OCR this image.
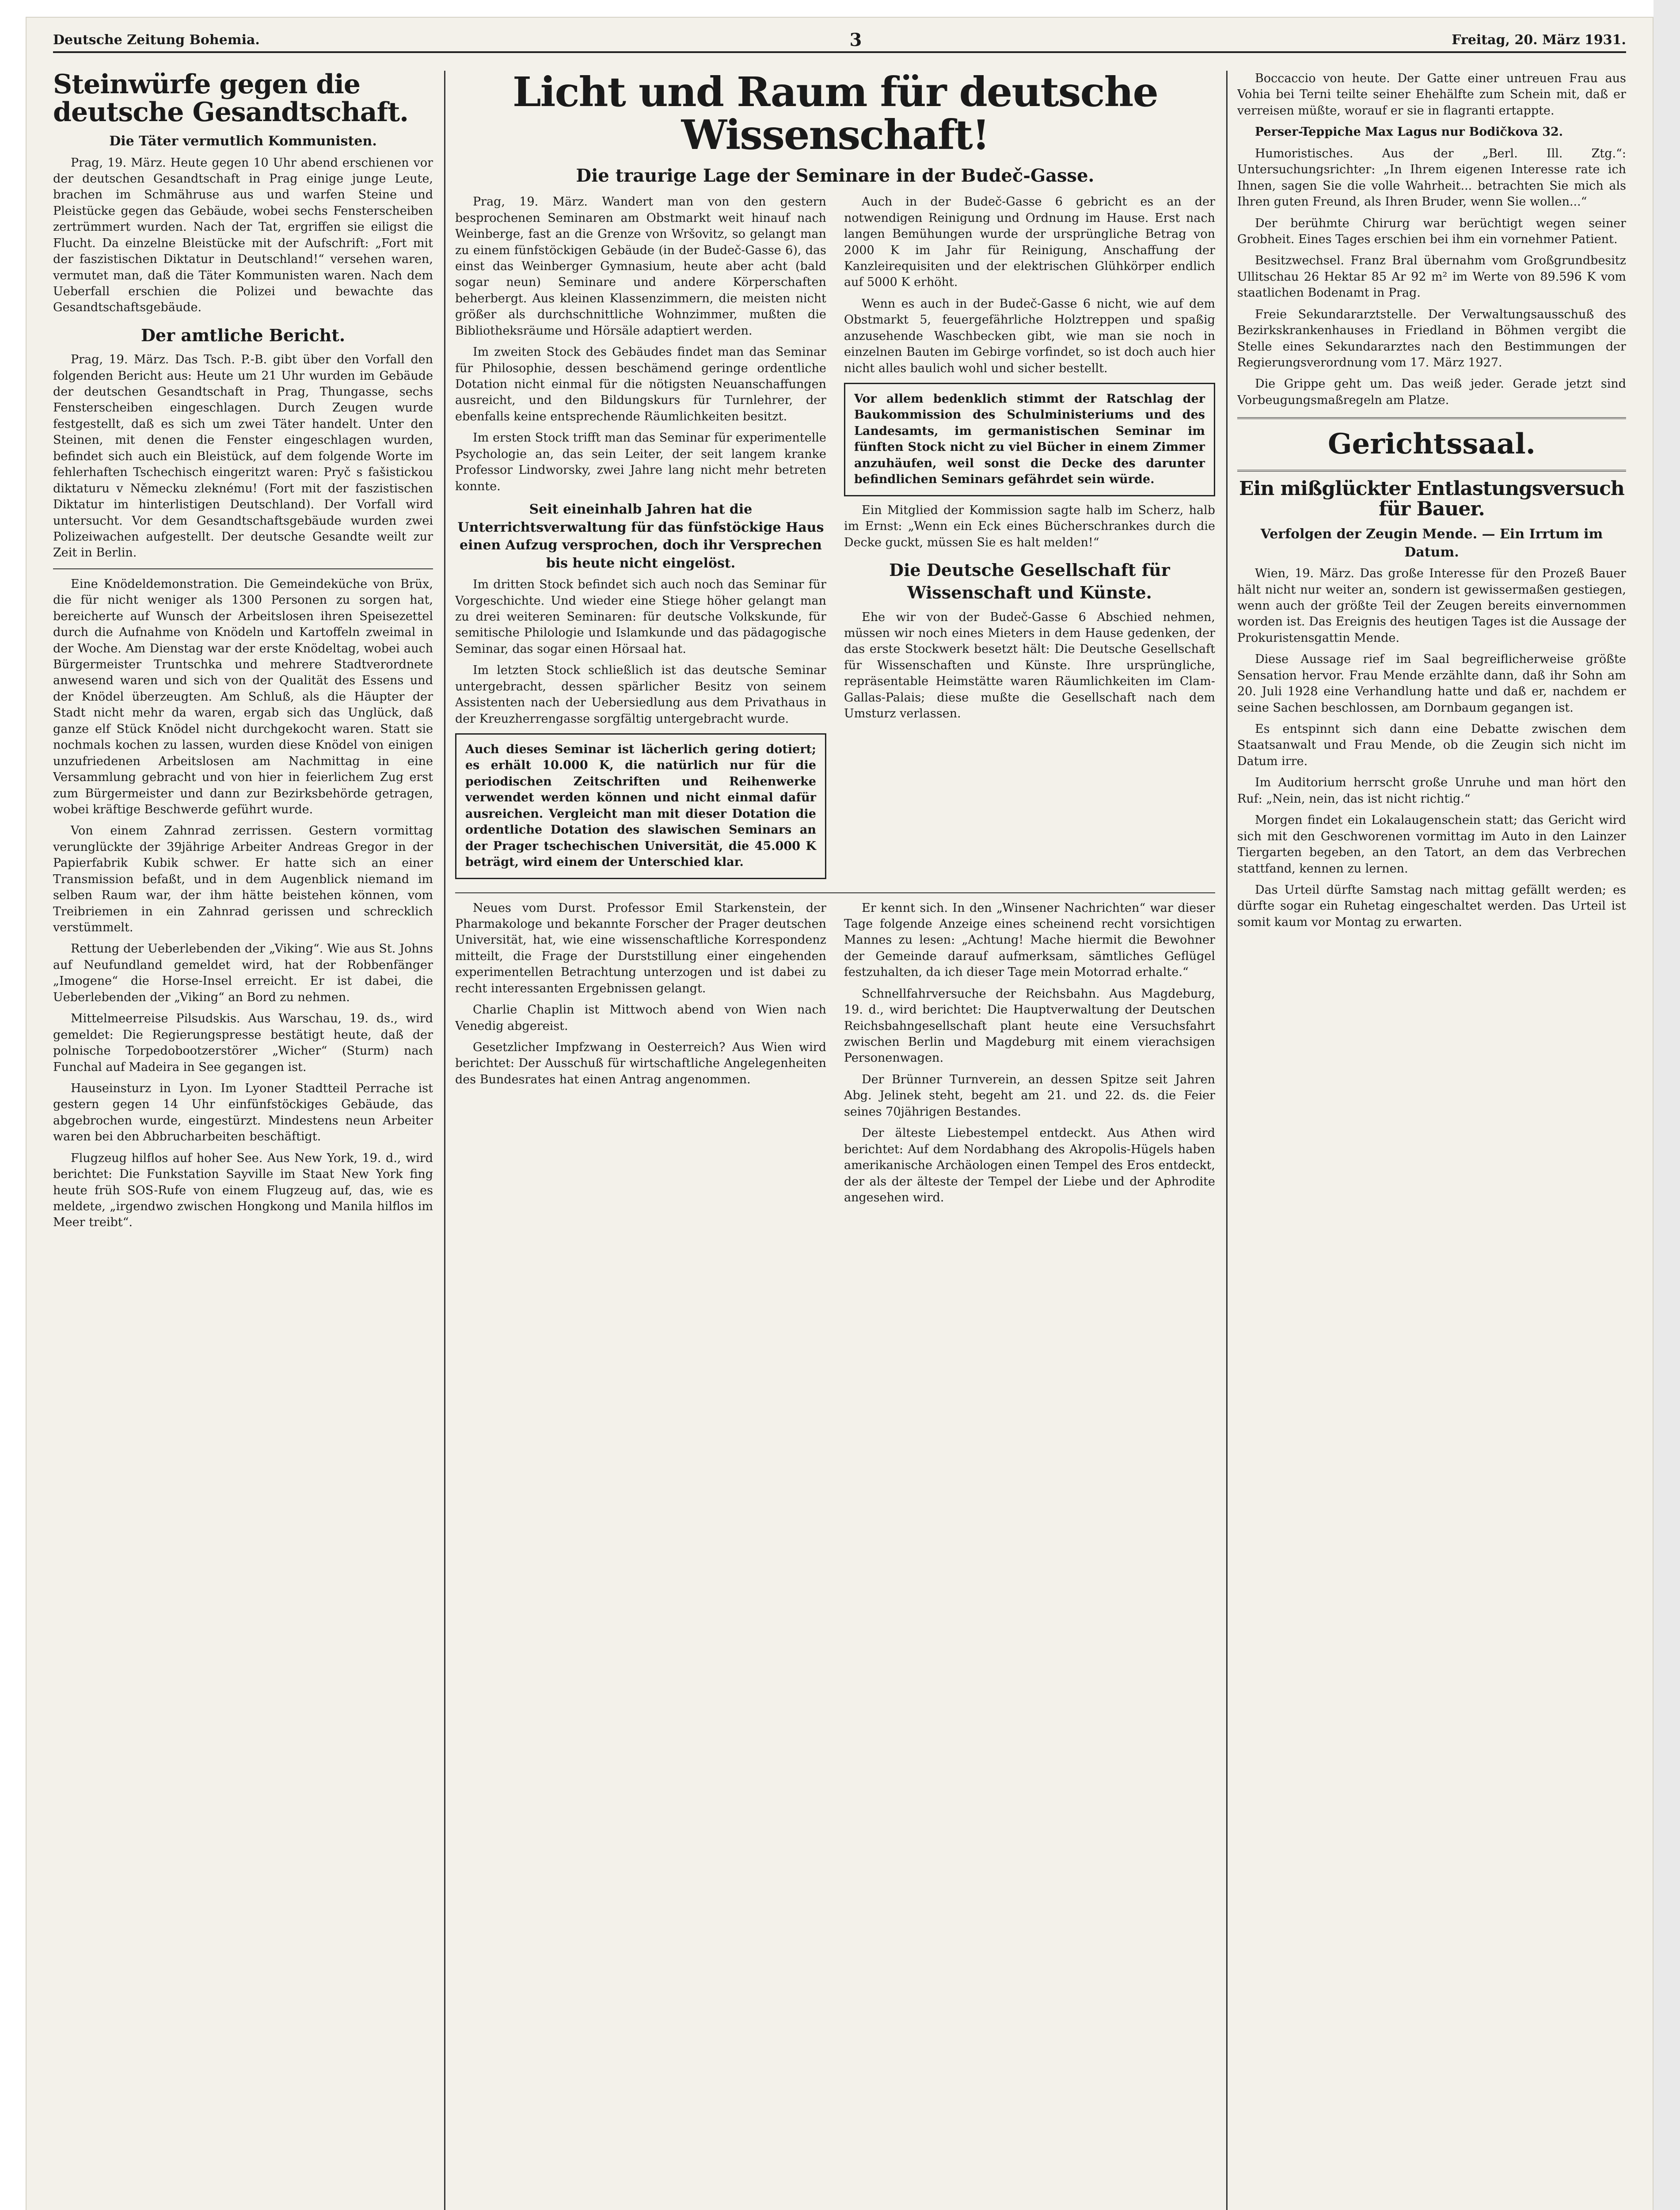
Deutsche Zeitung Bohemia.	3	Freitag, 20. März 1931.
Steinwürfe gegen die deutsche Gesandtschaft.
Die Täter vermutlich Kommunisten.

Prag, 19. März. Heute gegen 10 Uhr abend erschienen vor der deutschen Gesandtschaft in Prag einige junge Leute, brachen im Schmähruse aus und warfen Steine und Pleistücke gegen das Gebäude, wobei sechs Fensterscheiben zertrümmert wurden. Nach der Tat, ergriffen sie eiligst die Flucht. Da einzelne Bleistücke mit der Aufschrift: „Fort mit der faszistischen Diktatur in Deutschland!“ versehen waren, vermutet man, daß die Täter Kommunisten waren. Nach dem Ueberfall erschien die Polizei und bewachte das Gesandtschaftsgebäude.

Der amtliche Bericht.

Prag, 19. März. Das Tsch. P.-B. gibt über den Vorfall den folgenden Bericht aus: Heute um 21 Uhr wurden im Gebäude der deutschen Gesandtschaft in Prag, Thungasse, sechs Fensterscheiben eingeschlagen. Durch Zeugen wurde festgestellt, daß es sich um zwei Täter handelt. Unter den Steinen, mit denen die Fenster eingeschlagen wurden, befindet sich auch ein Bleistück, auf dem folgende Worte im fehlerhaften Tschechisch eingeritzt waren: Pryč s fašistickou diktaturu v Německu zleknému! (Fort mit der faszistischen Diktatur im hinterlistigen Deutschland). Der Vorfall wird untersucht. Vor dem Gesandtschaftsgebäude wurden zwei Polizeiwachen aufgestellt. Der deutsche Gesandte weilt zur Zeit in Berlin.

Eine Knödeldemonstration. Die Gemeindeküche von Brüx, die für nicht weniger als 1300 Personen zu sorgen hat, bereicherte auf Wunsch der Arbeitslosen ihren Speisezettel durch die Aufnahme von Knödeln und Kartoffeln zweimal in der Woche. Am Dienstag war der erste Knödeltag, wobei auch Bürgermeister Truntschka und mehrere Stadtverordnete anwesend waren und sich von der Qualität des Essens und der Knödel überzeugten. Am Schluß, als die Häupter der Stadt nicht mehr da waren, ergab sich das Unglück, daß ganze elf Stück Knödel nicht durchgekocht waren. Statt sie nochmals kochen zu lassen, wurden diese Knödel von einigen unzufriedenen Arbeitslosen am Nachmittag in eine Versammlung gebracht und von hier in feierlichem Zug erst zum Bürgermeister und dann zur Bezirksbehörde getragen, wobei kräftige Beschwerde geführt wurde.

Von einem Zahnrad zerrissen. Gestern vormittag verunglückte der 39jährige Arbeiter Andreas Gregor in der Papierfabrik Kubik schwer. Er hatte sich an einer Transmission befaßt, und in dem Augenblick niemand im selben Raum war, der ihm hätte beistehen können, vom Treibriemen in ein Zahnrad gerissen und schrecklich verstümmelt.

Rettung der Ueberlebenden der „Viking“. Wie aus St. Johns auf Neufundland gemeldet wird, hat der Robbenfänger „Imogene“ die Horse-Insel erreicht. Er ist dabei, die Ueberlebenden der „Viking“ an Bord zu nehmen.

Mittelmeerreise Pilsudskis. Aus Warschau, 19. ds., wird gemeldet: Die Regierungspresse bestätigt heute, daß der polnische Torpedobootzerstörer „Wicher“ (Sturm) nach Funchal auf Madeira in See gegangen ist.

Hauseinsturz in Lyon. Im Lyoner Stadtteil Perrache ist gestern gegen 14 Uhr einfünfstöckiges Gebäude, das abgebrochen wurde, eingestürzt. Mindestens neun Arbeiter waren bei den Abbrucharbeiten beschäftigt.

Flugzeug hilflos auf hoher See. Aus New York, 19. d., wird berichtet: Die Funkstation Sayville im Staat New York fing heute früh SOS-Rufe von einem Flugzeug auf, das, wie es meldete, „irgendwo zwischen Hongkong und Manila hilflos im Meer treibt“.

Licht und Raum für deutsche Wissenschaft!
Die traurige Lage der Seminare in der Budeč-Gasse.

Prag, 19. März. Wandert man von den gestern besprochenen Seminaren am Obstmarkt weit hinauf nach Weinberge, fast an die Grenze von Wršovitz, so gelangt man zu einem fünfstöckigen Gebäude (in der Budeč-Gasse 6), das einst das Weinberger Gymnasium, heute aber acht (bald sogar neun) Seminare und andere Körperschaften beherbergt. Aus kleinen Klassenzimmern, die meisten nicht größer als durchschnittliche Wohnzimmer, mußten die Bibliotheksräume und Hörsäle adaptiert werden.

Im zweiten Stock des Gebäudes findet man das Seminar für Philosophie, dessen beschämend geringe ordentliche Dotation nicht einmal für die nötigsten Neuanschaffungen ausreicht, und den Bildungskurs für Turnlehrer, der ebenfalls keine entsprechende Räumlichkeiten besitzt.

Im ersten Stock trifft man das Seminar für experimentelle Psychologie an, das sein Leiter, der seit langem kranke Professor Lindworsky, zwei Jahre lang nicht mehr betreten konnte.

Seit eineinhalb Jahren hat die Unterrichtsverwaltung für das fünfstöckige Haus einen Aufzug versprochen, doch ihr Versprechen bis heute nicht eingelöst.

Im dritten Stock befindet sich auch noch das Seminar für Vorgeschichte. Und wieder eine Stiege höher gelangt man zu drei weiteren Seminaren: für deutsche Volkskunde, für semitische Philologie und Islamkunde und das pädagogische Seminar, das sogar einen Hörsaal hat.

Im letzten Stock schließlich ist das deutsche Seminar untergebracht, dessen spärlicher Besitz von seinem Assistenten nach der Uebersiedlung aus dem Privathaus in der Kreuzherrengasse sorgfältig untergebracht wurde.

Auch dieses Seminar ist lächerlich gering dotiert; es erhält 10.000 K, die natürlich nur für die periodischen Zeitschriften und Reihenwerke verwendet werden können und nicht einmal dafür ausreichen. Vergleicht man mit dieser Dotation die ordentliche Dotation des slawischen Seminars an der Prager tschechischen Universität, die 45.000 K beträgt, wird einem der Unterschied klar.

Auch in der Budeč-Gasse 6 gebricht es an der notwendigen Reinigung und Ordnung im Hause. Erst nach langen Bemühungen wurde der ursprüngliche Betrag von 2000 K im Jahr für Reinigung, Anschaffung der Kanzleirequisiten und der elektrischen Glühkörper endlich auf 5000 K erhöht.

Wenn es auch in der Budeč-Gasse 6 nicht, wie auf dem Obstmarkt 5, feuergefährliche Holztreppen und spaßig anzusehende Waschbecken gibt, wie man sie noch in einzelnen Bauten im Gebirge vorfindet, so ist doch auch hier nicht alles baulich wohl und sicher bestellt.

Vor allem bedenklich stimmt der Ratschlag der Baukommission des Schulministeriums und des Landesamts, im germanistischen Seminar im fünften Stock nicht zu viel Bücher in einem Zimmer anzuhäufen, weil sonst die Decke des darunter befindlichen Seminars gefährdet sein würde.

Ein Mitglied der Kommission sagte halb im Scherz, halb im Ernst: „Wenn ein Eck eines Bücherschrankes durch die Decke guckt, müssen Sie es halt melden!“

Die Deutsche Gesellschaft für Wissenschaft und Künste.

Ehe wir von der Budeč-Gasse 6 Abschied nehmen, müssen wir noch eines Mieters in dem Hause gedenken, der das erste Stockwerk besetzt hält: Die Deutsche Gesellschaft für Wissenschaften und Künste. Ihre ursprüngliche, repräsentable Heimstätte waren Räumlichkeiten im Clam-Gallas-Palais; diese mußte die Gesellschaft nach dem Umsturz verlassen.

Neues vom Durst. Professor Emil Starkenstein, der Pharmakologe und bekannte Forscher der Prager deutschen Universität, hat, wie eine wissenschaftliche Korrespondenz mitteilt, die Frage der Durststillung einer eingehenden experimentellen Betrachtung unterzogen und ist dabei zu recht interessanten Ergebnissen gelangt.

Charlie Chaplin ist Mittwoch abend von Wien nach Venedig abgereist.

Gesetzlicher Impfzwang in Oesterreich? Aus Wien wird berichtet: Der Ausschuß für wirtschaftliche Angelegenheiten des Bundesrates hat einen Antrag angenommen.

Er kennt sich. In den „Winsener Nachrichten“ war dieser Tage folgende Anzeige eines scheinend recht vorsichtigen Mannes zu lesen: „Achtung! Mache hiermit die Bewohner der Gemeinde darauf aufmerksam, sämtliches Geflügel festzuhalten, da ich dieser Tage mein Motorrad erhalte.“

Schnellfahrversuche der Reichsbahn. Aus Magdeburg, 19. d., wird berichtet: Die Hauptverwaltung der Deutschen Reichsbahngesellschaft plant heute eine Versuchsfahrt zwischen Berlin und Magdeburg mit einem vierachsigen Personenwagen.

Der Brünner Turnverein, an dessen Spitze seit Jahren Abg. Jelinek steht, begeht am 21. und 22. ds. die Feier seines 70jährigen Bestandes.

Der älteste Liebestempel entdeckt. Aus Athen wird berichtet: Auf dem Nordabhang des Akropolis-Hügels haben amerikanische Archäologen einen Tempel des Eros entdeckt, der als der älteste der Tempel der Liebe und der Aphrodite angesehen wird.

Boccaccio von heute. Der Gatte einer untreuen Frau aus Vohia bei Terni teilte seiner Ehehälfte zum Schein mit, daß er verreisen müßte, worauf er sie in flagranti ertappte.

Perser-Teppiche Max Lagus nur Bodičkova 32.

Humoristisches. Aus der „Berl. Ill. Ztg.“: Untersuchungsrichter: „In Ihrem eigenen Interesse rate ich Ihnen, sagen Sie die volle Wahrheit... betrachten Sie mich als Ihren guten Freund, als Ihren Bruder, wenn Sie wollen...“

Der berühmte Chirurg war berüchtigt wegen seiner Grobheit. Eines Tages erschien bei ihm ein vornehmer Patient.

Besitzwechsel. Franz Bral übernahm vom Großgrundbesitz Ullitschau 26 Hektar 85 Ar 92 m² im Werte von 89.596 K vom staatlichen Bodenamt in Prag.

Freie Sekundararztstelle. Der Verwaltungsausschuß des Bezirkskrankenhauses in Friedland in Böhmen vergibt die Stelle eines Sekundararztes nach den Bestimmungen der Regierungsverordnung vom 17. März 1927.

Die Grippe geht um. Das weiß jeder. Gerade jetzt sind Vorbeugungsmaßregeln am Platze.

Gerichtssaal.
Ein mißglückter Entlastungsversuch für Bauer.
Verfolgen der Zeugin Mende. — Ein Irrtum im Datum.

Wien, 19. März. Das große Interesse für den Prozeß Bauer hält nicht nur weiter an, sondern ist gewissermaßen gestiegen, wenn auch der größte Teil der Zeugen bereits einvernommen worden ist. Das Ereignis des heutigen Tages ist die Aussage der Prokuristensgattin Mende.

Diese Aussage rief im Saal begreiflicherweise größte Sensation hervor. Frau Mende erzählte dann, daß ihr Sohn am 20. Juli 1928 eine Verhandlung hatte und daß er, nachdem er seine Sachen beschlossen, am Dornbaum gegangen ist.

Es entspinnt sich dann eine Debatte zwischen dem Staatsanwalt und Frau Mende, ob die Zeugin sich nicht im Datum irre.

Im Auditorium herrscht große Unruhe und man hört den Ruf: „Nein, nein, das ist nicht richtig.“

Morgen findet ein Lokalaugenschein statt; das Gericht wird sich mit den Geschworenen vormittag im Auto in den Lainzer Tiergarten begeben, an den Tatort, an dem das Verbrechen stattfand, kennen zu lernen.

Das Urteil dürfte Samstag nach mittag gefällt werden; es dürfte sogar ein Ruhetag eingeschaltet werden. Das Urteil ist somit kaum vor Montag zu erwarten.
